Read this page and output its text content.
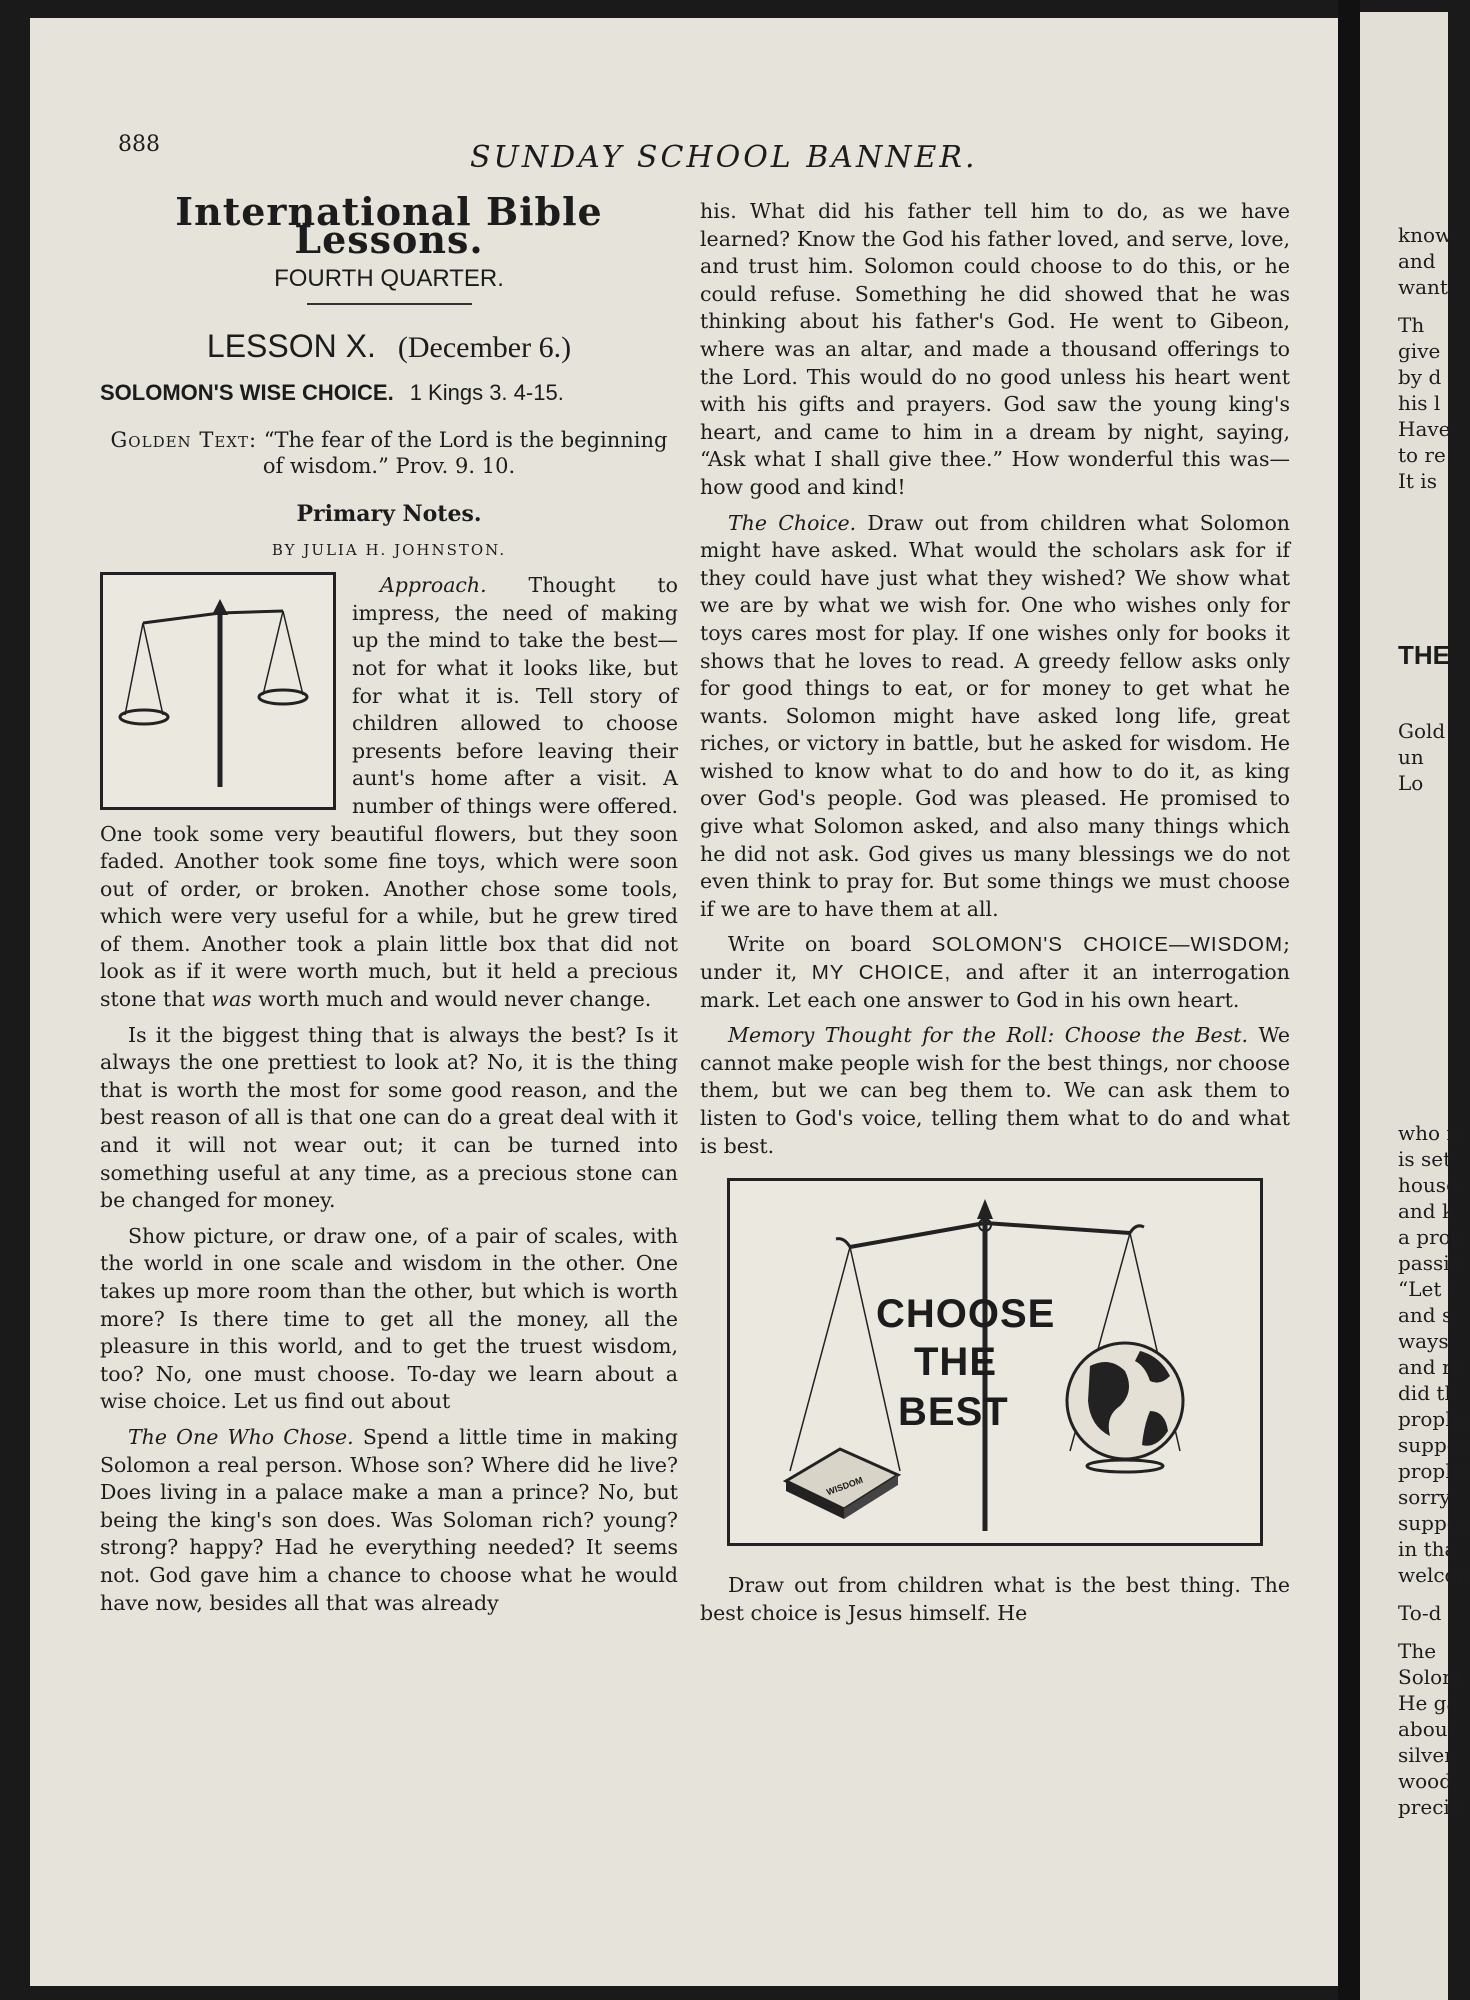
888	SUNDAY SCHOOL BANNER.
International Bible Lessons.
FOURTH QUARTER.
LESSON X. (December 6.)
SOLOMON'S WISE CHOICE. 1 Kings 3. 4-15.
Golden Text: “The fear of the Lord is the beginning of wisdom.” Prov. 9. 10.
Primary Notes.
BY JULIA H. JOHNSTON.

Approach. Thought to impress, the need of making up the mind to take the best—not for what it looks like, but for what it is. Tell story of children allowed to choose presents before leaving their aunt's home after a visit. A number of things were offered. One took some very beautiful flowers, but they soon faded. Another took some fine toys, which were soon out of order, or broken. Another chose some tools, which were very useful for a while, but he grew tired of them. Another took a plain little box that did not look as if it were worth much, but it held a precious stone that was worth much and would never change.

Is it the biggest thing that is always the best? Is it always the one prettiest to look at? No, it is the thing that is worth the most for some good reason, and the best reason of all is that one can do a great deal with it and it will not wear out; it can be turned into something useful at any time, as a precious stone can be changed for money.

Show picture, or draw one, of a pair of scales, with the world in one scale and wisdom in the other. One takes up more room than the other, but which is worth more? Is there time to get all the money, all the pleasure in this world, and to get the truest wisdom, too? No, one must choose. To-day we learn about a wise choice. Let us find out about

The One Who Chose. Spend a little time in making Solomon a real person. Whose son? Where did he live? Does living in a palace make a man a prince? No, but being the king's son does. Was Soloman rich? young? strong? happy? Had he everything needed? It seems not. God gave him a chance to choose what he would have now, besides all that was already

his. What did his father tell him to do, as we have learned? Know the God his father loved, and serve, love, and trust him. Solomon could choose to do this, or he could refuse. Something he did showed that he was thinking about his father's God. He went to Gibeon, where was an altar, and made a thousand offerings to the Lord. This would do no good unless his heart went with his gifts and prayers. God saw the young king's heart, and came to him in a dream by night, saying, “Ask what I shall give thee.” How wonderful this was—how good and kind!

The Choice. Draw out from children what Solomon might have asked. What would the scholars ask for if they could have just what they wished? We show what we are by what we wish for. One who wishes only for toys cares most for play. If one wishes only for books it shows that he loves to read. A greedy fellow asks only for good things to eat, or for money to get what he wants. Solomon might have asked long life, great riches, or victory in battle, but he asked for wisdom. He wished to know what to do and how to do it, as king over God's people. God was pleased. He promised to give what Solomon asked, and also many things which he did not ask. God gives us many blessings we do not even think to pray for. But some things we must choose if we are to have them at all.

Write on board SOLOMON'S CHOICE—WISDOM; under it, MY CHOICE, and after it an interrogation mark. Let each one answer to God in his own heart.

Memory Thought for the Roll: Choose the Best. We cannot make people wish for the best things, nor choose them, but we can beg them to. We can ask them to listen to God's voice, telling them what to do and what is best.

CHOOSE
THE
BEST
WISDOM

Draw out from children what is the best thing. The best choice is Jesus himself. He

know
and
want
Th
give
by d
his l
Have
to re
It is
THE
Gold
un
Lo
who n
is set
house
and k
a prop
passin
“Let t
and s
ways
and re
did th
prophe
suppos
prophe
sorry
suppos
in tha
welcon
To-d
The
Solom
He ga
about
silver,
wood.
precio
